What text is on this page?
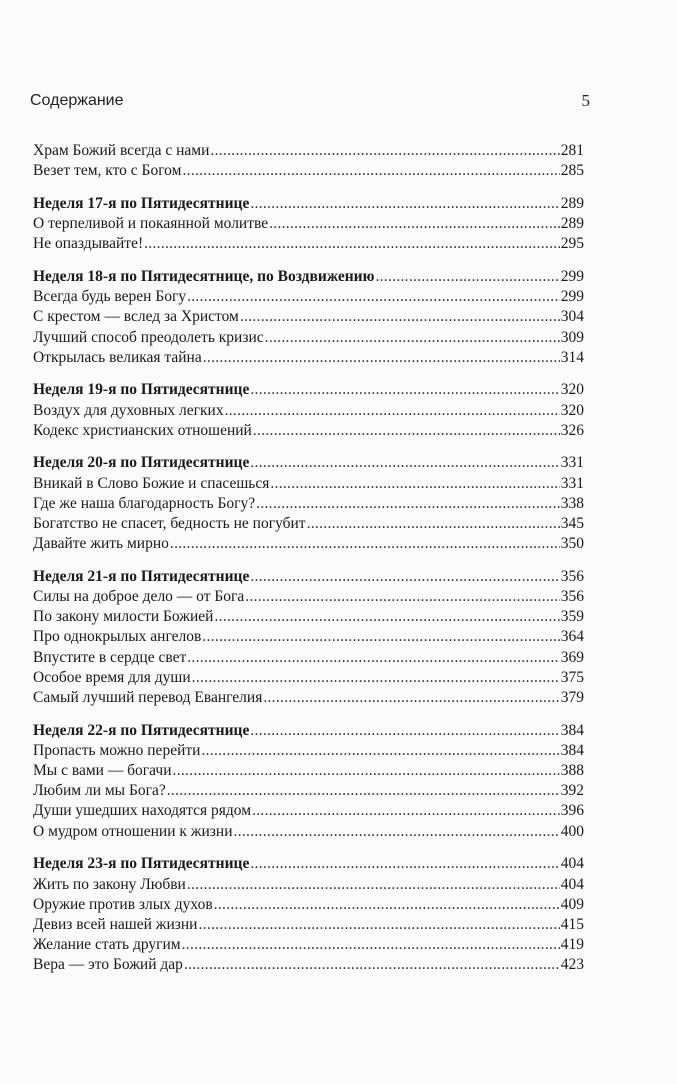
Содержание	5
Храм Божий всегда с нами .....	281
Везет тем, кто с Богом .....	285
Неделя 17-я по Пятидесятнице .....	289
О терпеливой и покаянной молитве .....	289
Не опаздывайте! .....	295
Неделя 18-я по Пятидесятнице, по Воздвижению .....	299
Всегда будь верен Богу .....	299
С крестом — вслед за Христом .....	304
Лучший способ преодолеть кризис .....	309
Открылась великая тайна .....	314
Неделя 19-я по Пятидесятнице .....	320
Воздух для духовных легких .....	320
Кодекс христианских отношений .....	326
Неделя 20-я по Пятидесятнице .....	331
Вникай в Слово Божие и спасешься .....	331
Где же наша благодарность Богу? .....	338
Богатство не спасет, бедность не погубит .....	345
Давайте жить мирно .....	350
Неделя 21-я по Пятидесятнице .....	356
Силы на доброе дело — от Бога .....	356
По закону милости Божией .....	359
Про однокрылых ангелов .....	364
Впустите в сердце свет .....	369
Особое время для души .....	375
Самый лучший перевод Евангелия .....	379
Неделя 22-я по Пятидесятнице .....	384
Пропасть можно перейти .....	384
Мы с вами — богачи .....	388
Любим ли мы Бога? .....	392
Души ушедших находятся рядом .....	396
О мудром отношении к жизни .....	400
Неделя 23-я по Пятидесятнице .....	404
Жить по закону Любви .....	404
Оружие против злых духов .....	409
Девиз всей нашей жизни .....	415
Желание стать другим .....	419
Вера — это Божий дар .....	423
